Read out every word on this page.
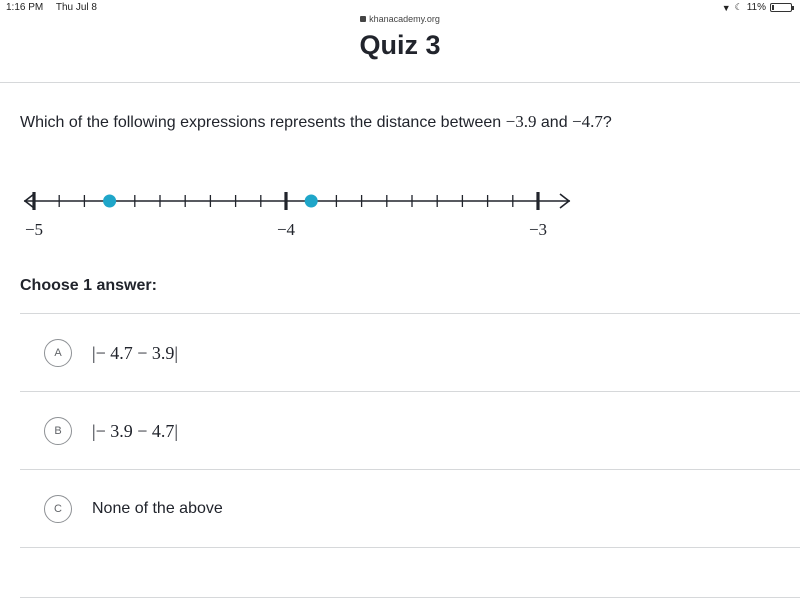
1:16 PM Thu Jul 8	▼ ☾ 11%
khanacademy.org
Quiz 3
Which of the following expressions represents the distance between −3.9 and −4.7?
−5	−4	−3
Choose 1 answer:
A	|− 4.7 − 3.9|
B	|− 3.9 − 4.7|
C	None of the above
